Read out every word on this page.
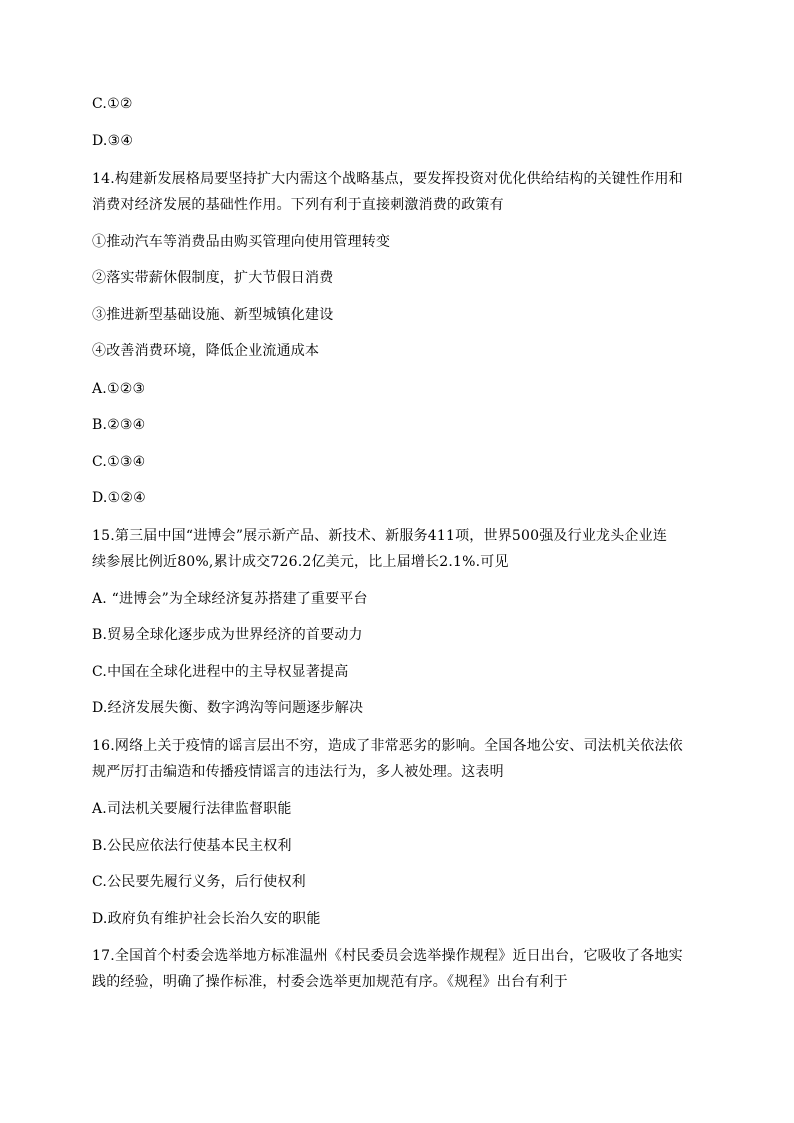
C.①②
D.③④
14.构建新发展格局要坚持扩大内需这个战略基点，要发挥投资对优化供给结构的关键性作用和
消费对经济发展的基础性作用。下列有利于直接刺激消费的政策有
①推动汽车等消费品由购买管理向使用管理转变
②落实带薪休假制度，扩大节假日消费
③推进新型基础设施、新型城镇化建设
④改善消费环境，降低企业流通成本
A.①②③
B.②③④
C.①③④
D.①②④
15.第三届中国“进博会”展示新产品、新技术、新服务411项，世界500强及行业龙头企业连
续参展比例近80%,累计成交726.2亿美元，比上届增长2.1%.可见
A. “进博会”为全球经济复苏搭建了重要平台
B.贸易全球化逐步成为世界经济的首要动力
C.中国在全球化进程中的主导权显著提高
D.经济发展失衡、数字鸿沟等问题逐步解决
16.网络上关于疫情的谣言层出不穷，造成了非常恶劣的影响。全国各地公安、司法机关依法依
规严厉打击编造和传播疫情谣言的违法行为，多人被处理。这表明
A.司法机关要履行法律监督职能
B.公民应依法行使基本民主权利
C.公民要先履行义务，后行使权利
D.政府负有维护社会长治久安的职能
17.全国首个村委会选举地方标准温州《村民委员会选举操作规程》近日出台，它吸收了各地实
践的经验，明确了操作标准，村委会选举更加规范有序。《规程》出台有利于
